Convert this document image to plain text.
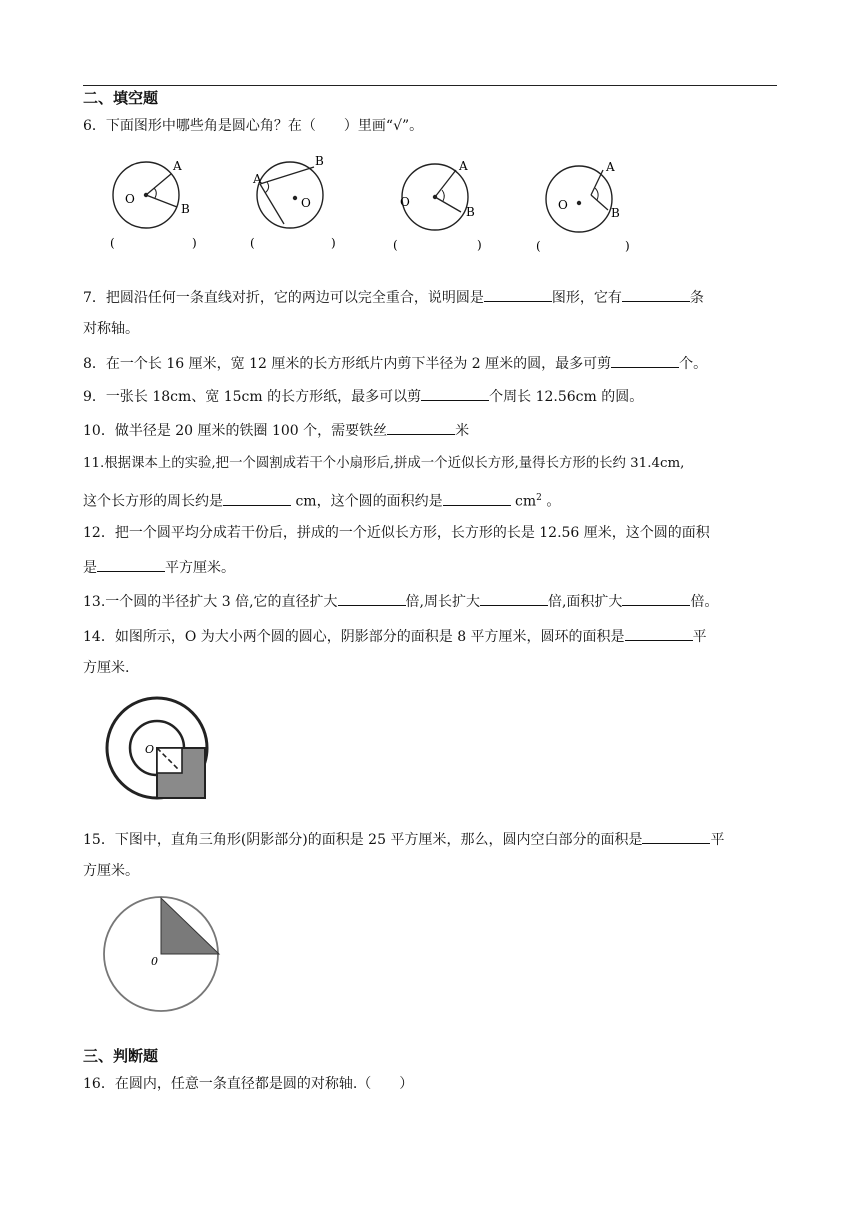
二、填空题
6．下面图形中哪些角是圆心角？在（　　）里画“√”。
O
A
B
(	)
A
B
O
(	)
O
A
B
(	)
O
A
B
(	)
7．把圆沿任何一条直线对折，它的两边可以完全重合，说明圆是	图形，它有	条
对称轴。
8．在一个长 16 厘米，宽 12 厘米的长方形纸片内剪下半径为 2 厘米的圆，最多可剪	个。
9．一张长 18cm、宽 15cm 的长方形纸，最多可以剪	个周长 12.56cm 的圆。
10．做半径是 20 厘米的铁圈 100 个，需要铁丝	米
11.根据课本上的实验,把一个圆割成若干个小扇形后,拼成一个近似长方形,量得长方形的长约 31.4cm,
这个长方形的周长约是	cm，这个圆的面积约是	$cm^2$ 。
12．把一个圆平均分成若干份后，拼成的一个近似长方形，长方形的长是 12.56 厘米，这个圆的面积
是	平方厘米。
13.一个圆的半径扩大 3 倍,它的直径扩大	倍,周长扩大	倍,面积扩大	倍。
14．如图所示，O 为大小两个圆的圆心，阴影部分的面积是 8 平方厘米，圆环的面积是	平
方厘米.
O
15．下图中，直角三角形(阴影部分)的面积是 25 平方厘米，那么，圆内空白部分的面积是	平
方厘米。
0
三、判断题
16．在圆内，任意一条直径都是圆的对称轴.（　　）
